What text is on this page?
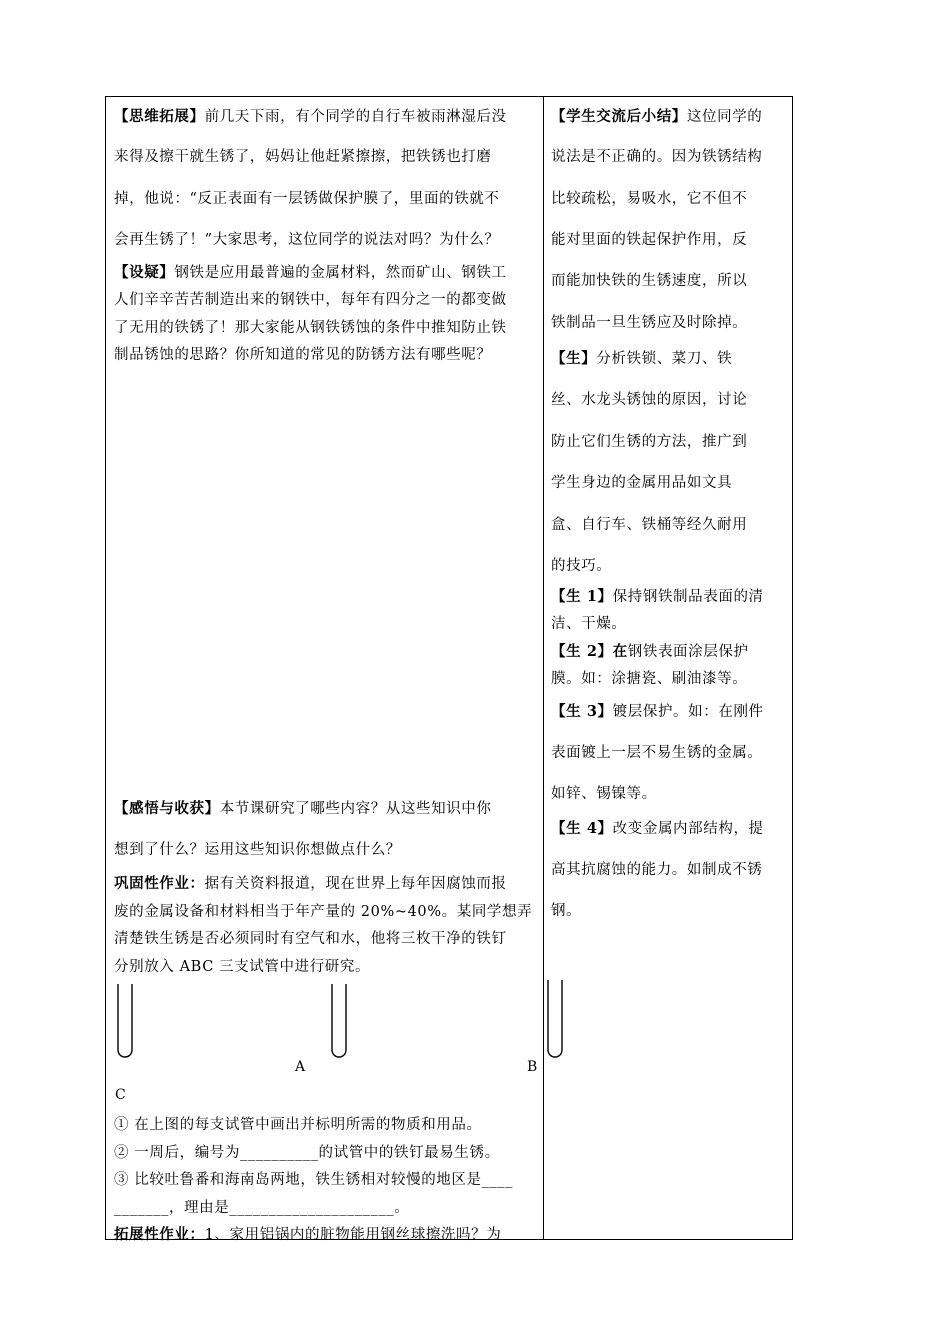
【思维拓展】前几天下雨，有个同学的自行车被雨淋湿后没

来得及擦干就生锈了，妈妈让他赶紧擦擦，把铁锈也打磨

掉，他说：“反正表面有一层锈做保护膜了，里面的铁就不

会再生锈了！”大家思考，这位同学的说法对吗？为什么？

【设疑】钢铁是应用最普遍的金属材料，然而矿山、钢铁工

人们辛辛苦苦制造出来的钢铁中，每年有四分之一的都变做

了无用的铁锈了！那大家能从钢铁锈蚀的条件中推知防止铁

制品锈蚀的思路？你所知道的常见的防锈方法有哪些呢？

【感悟与收获】本节课研究了哪些内容？从这些知识中你

想到了什么？运用这些知识你想做点什么？

巩固性作业：据有关资料报道，现在世界上每年因腐蚀而报

废的金属设备和材料相当于年产量的 20%~40%。某同学想弄

清楚铁生锈是否必须同时有空气和水，他将三枚干净的铁钉

分别放入 ABC 三支试管中进行研究。

A	B
C

① 在上图的每支试管中画出并标明所需的物质和用品。

② 一周后，编号为__________的试管中的铁钉最易生锈。

③ 比较吐鲁番和海南岛两地，铁生锈相对较慢的地区是____

_______，理由是_____________________。

拓展性作业：1、家用铝锅内的脏物能用钢丝球擦洗吗？为

【学生交流后小结】这位同学的

说法是不正确的。因为铁锈结构

比较疏松，易吸水，它不但不

能对里面的铁起保护作用，反

而能加快铁的生锈速度，所以

铁制品一旦生锈应及时除掉。

【生】分析铁锁、菜刀、铁

丝、水龙头锈蚀的原因，讨论

防止它们生锈的方法，推广到

学生身边的金属用品如文具

盒、自行车、铁桶等经久耐用

的技巧。

【生 1】保持钢铁制品表面的清

洁、干燥。

【生 2】在钢铁表面涂层保护

膜。如：涂搪瓷、刷油漆等。

【生 3】镀层保护。如：在刚件

表面镀上一层不易生锈的金属。

如锌、锡镍等。

【生 4】改变金属内部结构，提

高其抗腐蚀的能力。如制成不锈

钢。
